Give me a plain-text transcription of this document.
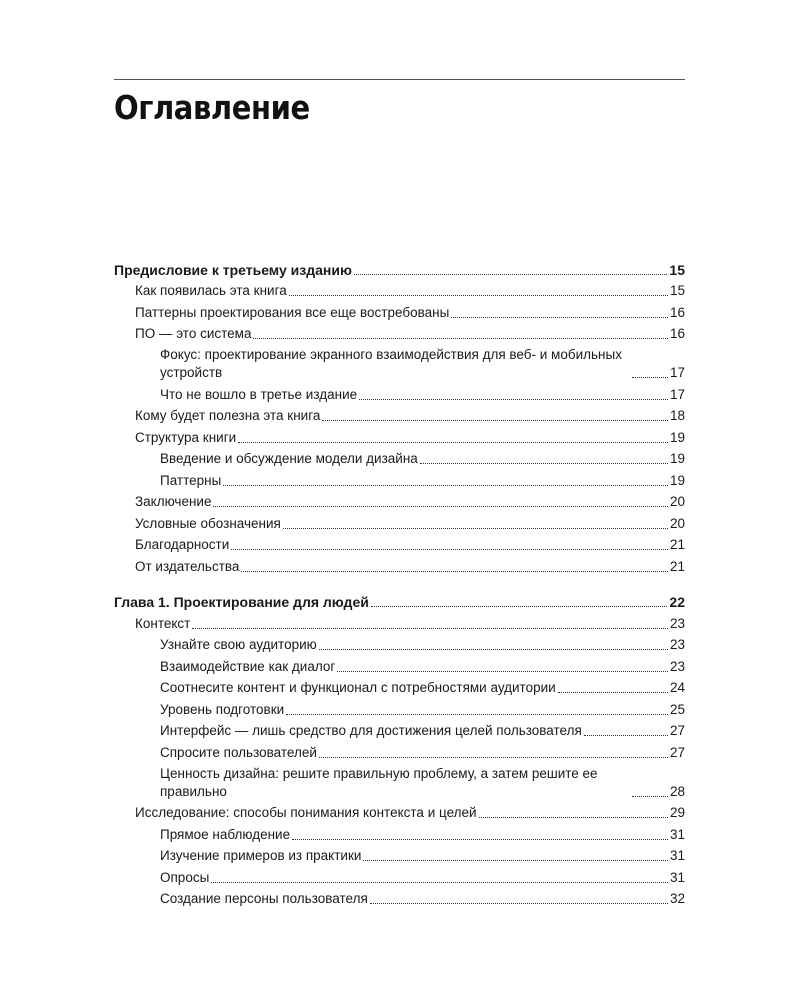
Оглавление
Предисловие к третьему изданию	15
Как появилась эта книга	15
Паттерны проектирования все еще востребованы	16
ПО — это система	16
Фокус: проектирование экранного взаимодействия для веб- и мобильных устройств	17
Что не вошло в третье издание	17
Кому будет полезна эта книга	18
Структура книги	19
Введение и обсуждение модели дизайна	19
Паттерны	19
Заключение	20
Условные обозначения	20
Благодарности	21
От издательства	21
Глава 1. Проектирование для людей	22
Контекст	23
Узнайте свою аудиторию	23
Взаимодействие как диалог	23
Соотнесите контент и функционал с потребностями аудитории	24
Уровень подготовки	25
Интерфейс — лишь средство для достижения целей пользователя	27
Спросите пользователей	27
Ценность дизайна: решите правильную проблему, а затем решите ее правильно	28
Исследование: способы понимания контекста и целей	29
Прямое наблюдение	31
Изучение примеров из практики	31
Опросы	31
Создание персоны пользователя	32
